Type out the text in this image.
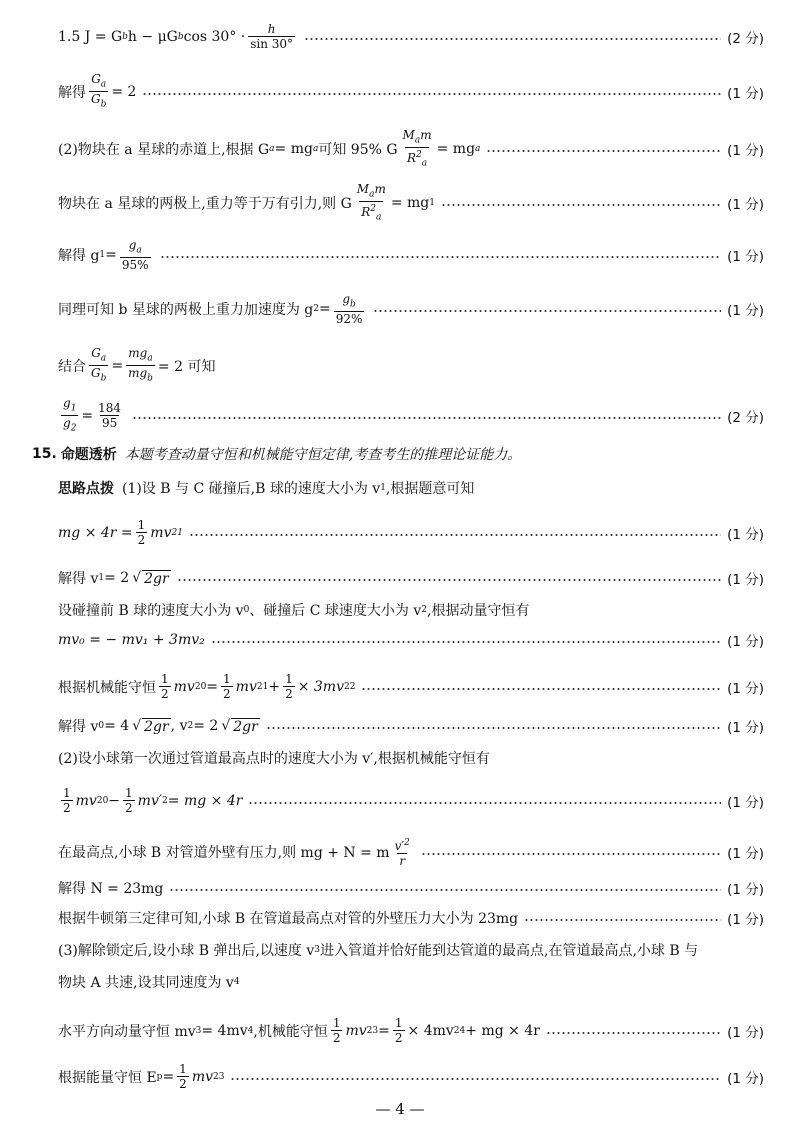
1.5 J = G b h − μG b $\cos 30^\circ \cdot \frac{h}{\sin 30^\circ}$	(2 分)
解得 $\frac{G_a}{G_b} = 2$	(1 分)
(2)物块在 a 星球的赤道上,根据 G a = mg a 可知 95% G $\frac{M_am}{R^2_a}$ = mg a	(1 分)
物块在 a 星球的两极上,重力等于万有引力,则 G $\frac{M_am}{R^2_a}$ = mg 1	(1 分)
解得 g $1 = \frac{g_a}{95\%}$	(1 分)
同理可知 b 星球的两极上重力加速度为 g $2 = \frac{g_b}{92\%}$	(1 分)
结合 $\frac{G_a}{G_b} = \frac{mg_a}{mg_b} = 2$ 可知
$\frac{g_1}{g_2} = \frac{184}{95}$	(2 分)
15. 命题透析 本题考查动量守恒和机械能守恒定律,考查考生的推理论证能力。
思路点拨 (1)设 B 与 C 碰撞后,B 球的速度大小为 v 1 ,根据题意可知
mg × $4r = \frac{1}{2}$ mv 2 1	(1 分)
解得 v 1 = 2 √ 2gr	(1 分)
设碰撞前 B 球的速度大小为 v 0 、碰撞后 C 球速度大小为 v 2 ,根据动量守恒有
mv₀ = − mv₁ + 3mv₂	(1 分)
根据机械能守恒 $\frac{1}{2}$ mv 2 $0 = \frac{1}{2}$ mv 2 $1 + \frac{1}{2} \times 3mv$ 2 2	(1 分)
解得 v 0 = 4 √ 2gr , v 2 = 2 √ 2gr	(1 分)
(2)设小球第一次通过管道最高点时的速度大小为 v′,根据机械能守恒有
$\frac{1}{2}$ mv 2 $0 - \frac{1}{2} mv'$ 2 = mg × 4r	(1 分)
在最高点,小球 B 对管道外壁有压力,则 mg + N = m $\frac{v'^2}{r}$	(1 分)
解得 N = 23mg	(1 分)
根据牛顿第三定律可知,小球 B 在管道最高点对管的外壁压力大小为 23mg	(1 分)
(3)解除锁定后,设小球 B 弹出后,以速度 v 3 进入管道并恰好能到达管道的最高点,在管道最高点,小球 B 与
物块 A 共速,设其同速度为 v 4
水平方向动量守恒 mv 3 = 4mv 4 ,机械能守恒 $\frac{1}{2}$ mv 2 $3 = \frac{1}{2} \times 4mv$ 2 4 + mg × 4r	(1 分)
根据能量守恒 E $p = \frac{1}{2}$ mv 2 3	(1 分)
— 4 —
